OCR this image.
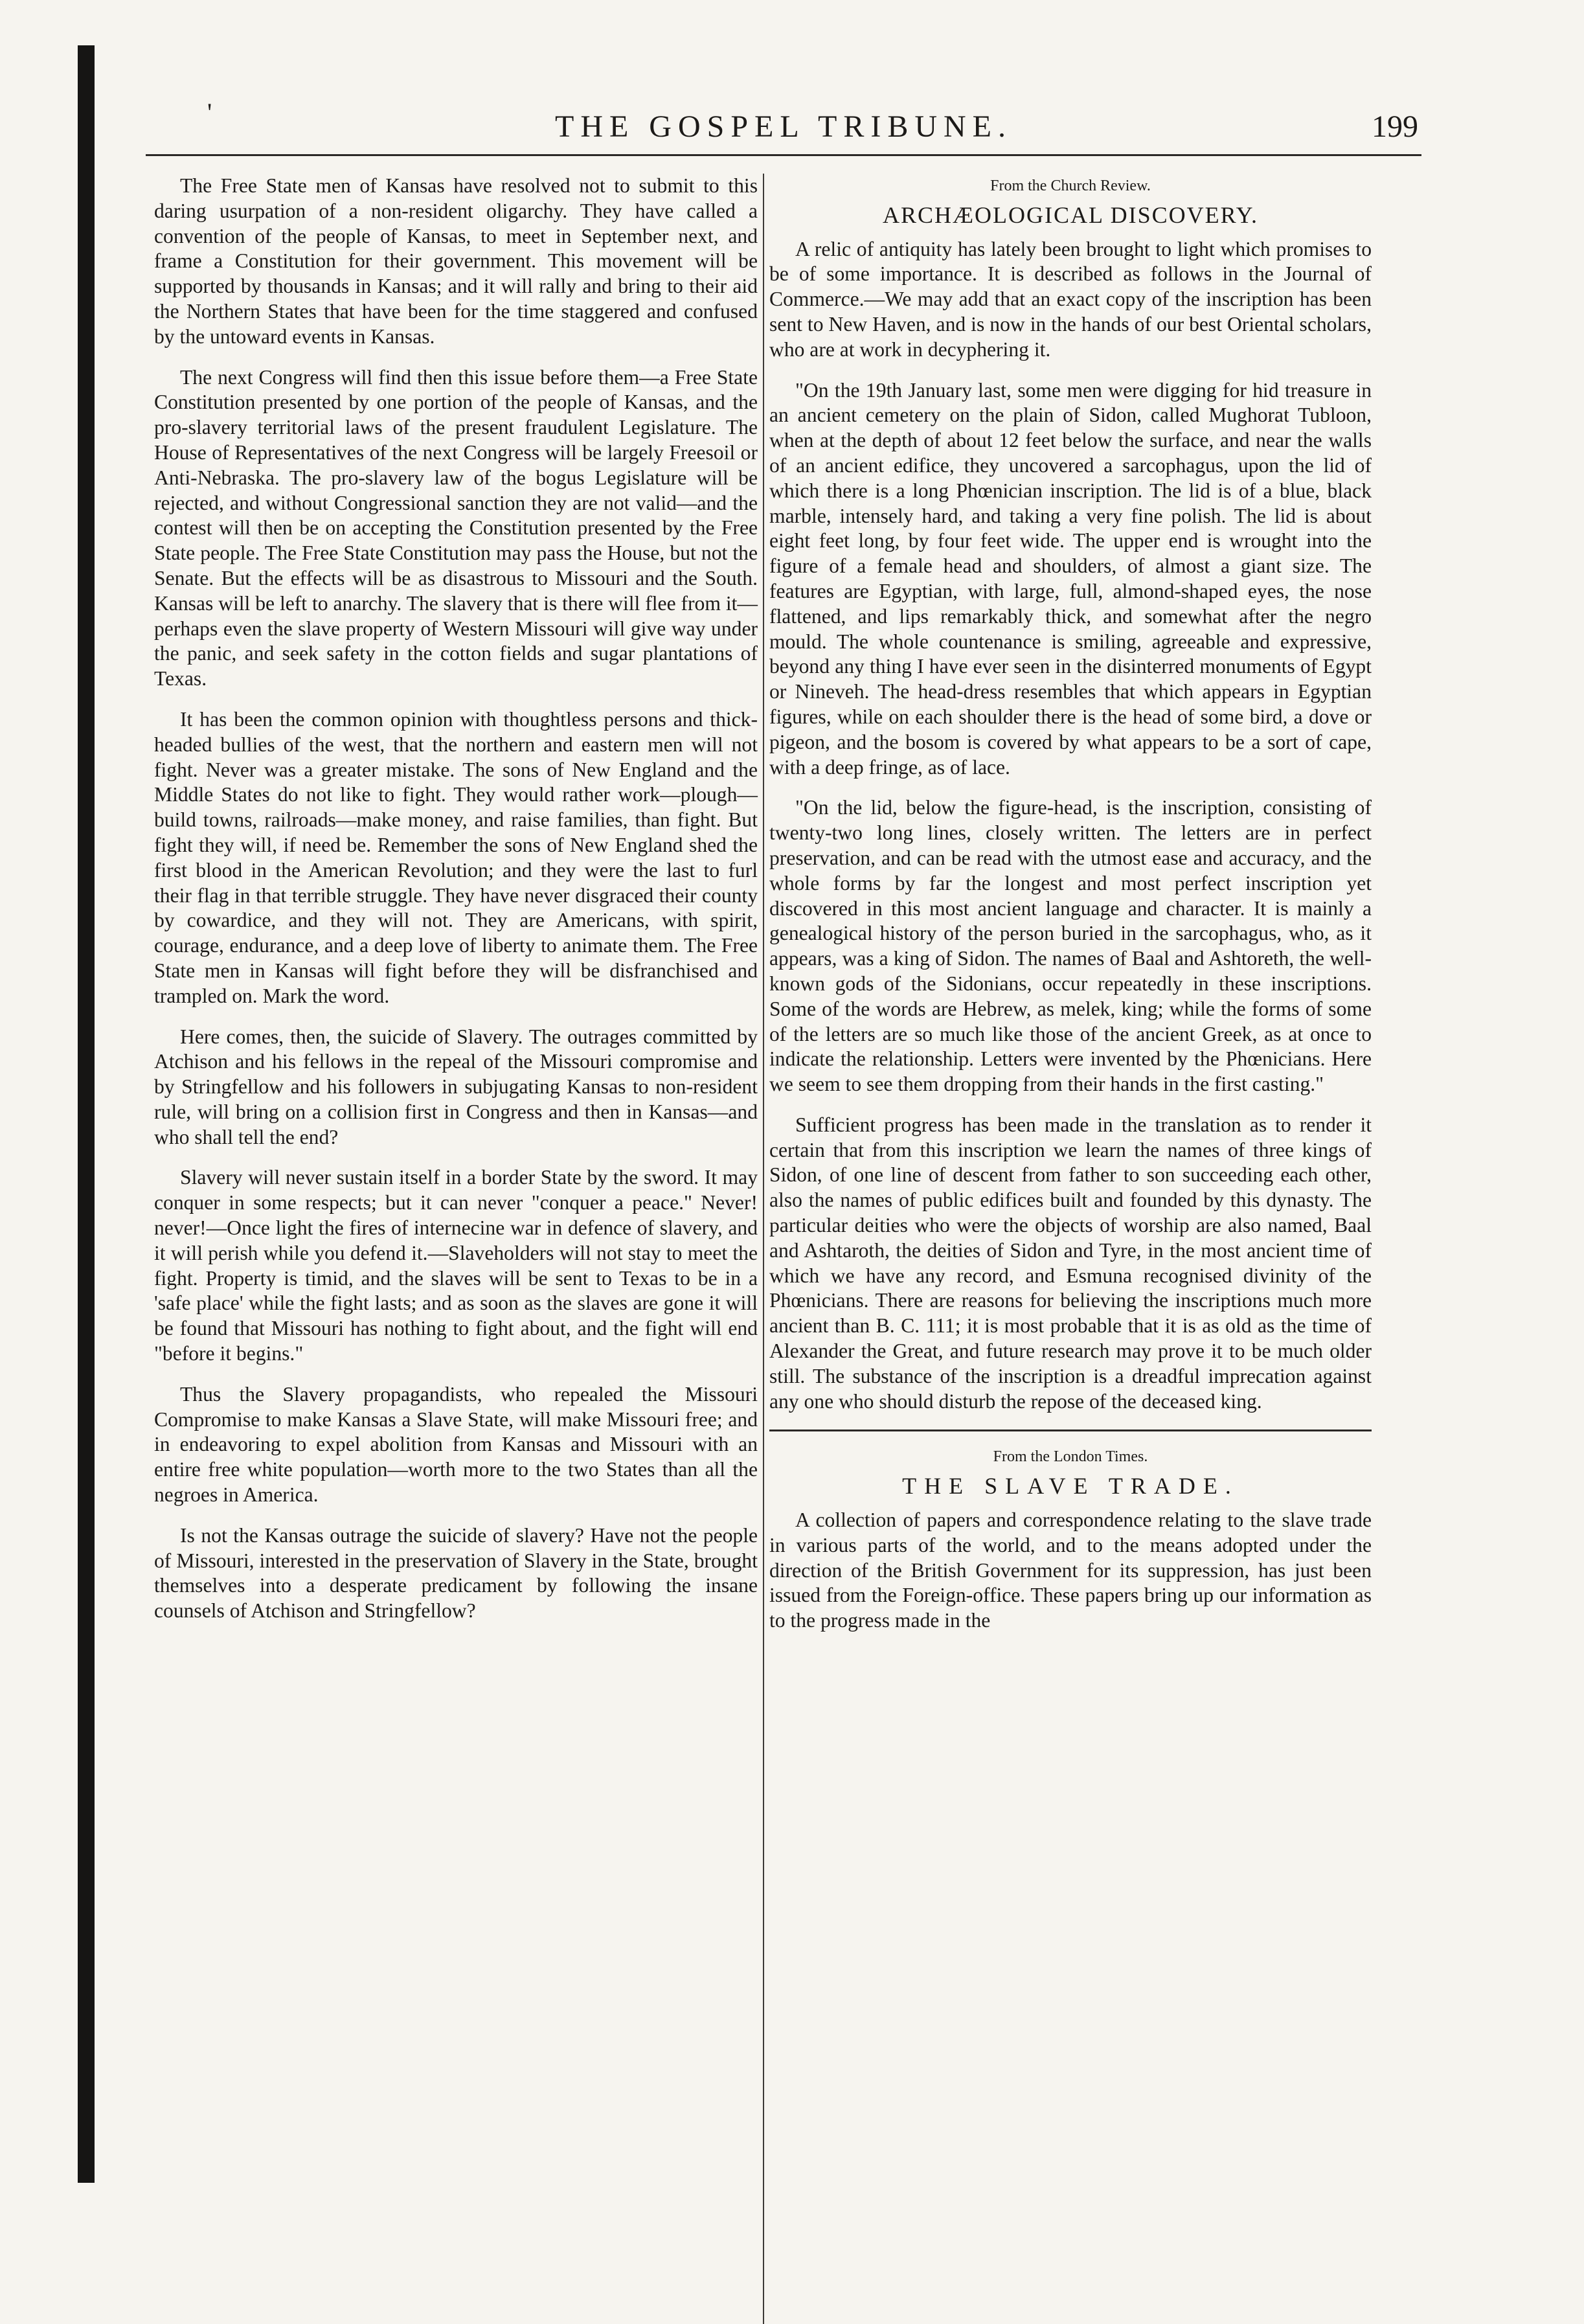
'	THE GOSPEL TRIBUNE.	199

The Free State men of Kansas have resolved not to submit to this daring usurpation of a non-resident oligarchy. They have called a convention of the people of Kansas, to meet in September next, and frame a Constitution for their government. This movement will be supported by thousands in Kansas; and it will rally and bring to their aid the Northern States that have been for the time staggered and confused by the untoward events in Kansas.

The next Congress will find then this issue before them—a Free State Constitution presented by one portion of the people of Kansas, and the pro-slavery territorial laws of the present fraudulent Legislature. The House of Representatives of the next Congress will be largely Freesoil or Anti-Nebraska. The pro-slavery law of the bogus Legislature will be rejected, and without Congressional sanction they are not valid—and the contest will then be on accepting the Constitution presented by the Free State people. The Free State Constitution may pass the House, but not the Senate. But the effects will be as disastrous to Missouri and the South. Kansas will be left to anarchy. The slavery that is there will flee from it—perhaps even the slave property of Western Missouri will give way under the panic, and seek safety in the cotton fields and sugar plantations of Texas.

It has been the common opinion with thoughtless persons and thick-headed bullies of the west, that the northern and eastern men will not fight. Never was a greater mistake. The sons of New England and the Middle States do not like to fight. They would rather work—plough—build towns, railroads—make money, and raise families, than fight. But fight they will, if need be. Remember the sons of New England shed the first blood in the American Revolution; and they were the last to furl their flag in that terrible struggle. They have never disgraced their county by cowardice, and they will not. They are Americans, with spirit, courage, endurance, and a deep love of liberty to animate them. The Free State men in Kansas will fight before they will be disfranchised and trampled on. Mark the word.

Here comes, then, the suicide of Slavery. The outrages committed by Atchison and his fellows in the repeal of the Missouri compromise and by Stringfellow and his followers in subjugating Kansas to non-resident rule, will bring on a collision first in Congress and then in Kansas—and who shall tell the end?

Slavery will never sustain itself in a border State by the sword. It may conquer in some respects; but it can never "conquer a peace." Never! never!—Once light the fires of internecine war in defence of slavery, and it will perish while you defend it.—Slaveholders will not stay to meet the fight. Property is timid, and the slaves will be sent to Texas to be in a 'safe place' while the fight lasts; and as soon as the slaves are gone it will be found that Missouri has nothing to fight about, and the fight will end "before it begins."

Thus the Slavery propagandists, who repealed the Missouri Compromise to make Kansas a Slave State, will make Missouri free; and in endeavoring to expel abolition from Kansas and Missouri with an entire free white population—worth more to the two States than all the negroes in America.

Is not the Kansas outrage the suicide of slavery? Have not the people of Missouri, interested in the preservation of Slavery in the State, brought themselves into a desperate predicament by following the insane counsels of Atchison and Stringfellow?

From the Church Review.
ARCHÆOLOGICAL DISCOVERY.

A relic of antiquity has lately been brought to light which promises to be of some importance. It is described as follows in the Journal of Commerce.—We may add that an exact copy of the inscription has been sent to New Haven, and is now in the hands of our best Oriental scholars, who are at work in decyphering it.

"On the 19th January last, some men were digging for hid treasure in an ancient cemetery on the plain of Sidon, called Mughorat Tubloon, when at the depth of about 12 feet below the surface, and near the walls of an ancient edifice, they uncovered a sarcophagus, upon the lid of which there is a long Phœnician inscription. The lid is of a blue, black marble, intensely hard, and taking a very fine polish. The lid is about eight feet long, by four feet wide. The upper end is wrought into the figure of a female head and shoulders, of almost a giant size. The features are Egyptian, with large, full, almond-shaped eyes, the nose flattened, and lips remarkably thick, and somewhat after the negro mould. The whole countenance is smiling, agreeable and expressive, beyond any thing I have ever seen in the disinterred monuments of Egypt or Nineveh. The head-dress resembles that which appears in Egyptian figures, while on each shoulder there is the head of some bird, a dove or pigeon, and the bosom is covered by what appears to be a sort of cape, with a deep fringe, as of lace.

"On the lid, below the figure-head, is the inscription, consisting of twenty-two long lines, closely written. The letters are in perfect preservation, and can be read with the utmost ease and accuracy, and the whole forms by far the longest and most perfect inscription yet discovered in this most ancient language and character. It is mainly a genealogical history of the person buried in the sarcophagus, who, as it appears, was a king of Sidon. The names of Baal and Ashtoreth, the well-known gods of the Sidonians, occur repeatedly in these inscriptions. Some of the words are Hebrew, as melek, king; while the forms of some of the letters are so much like those of the ancient Greek, as at once to indicate the relationship. Letters were invented by the Phœnicians. Here we seem to see them dropping from their hands in the first casting."

Sufficient progress has been made in the translation as to render it certain that from this inscription we learn the names of three kings of Sidon, of one line of descent from father to son succeeding each other, also the names of public edifices built and founded by this dynasty. The particular deities who were the objects of worship are also named, Baal and Ashtaroth, the deities of Sidon and Tyre, in the most ancient time of which we have any record, and Esmuna recognised divinity of the Phœnicians. There are reasons for believing the inscriptions much more ancient than B. C. 111; it is most probable that it is as old as the time of Alexander the Great, and future research may prove it to be much older still. The substance of the inscription is a dreadful imprecation against any one who should disturb the repose of the deceased king.

From the London Times.
THE SLAVE TRADE.

A collection of papers and correspondence relating to the slave trade in various parts of the world, and to the means adopted under the direction of the British Government for its suppression, has just been issued from the Foreign-office. These papers bring up our information as to the progress made in the
